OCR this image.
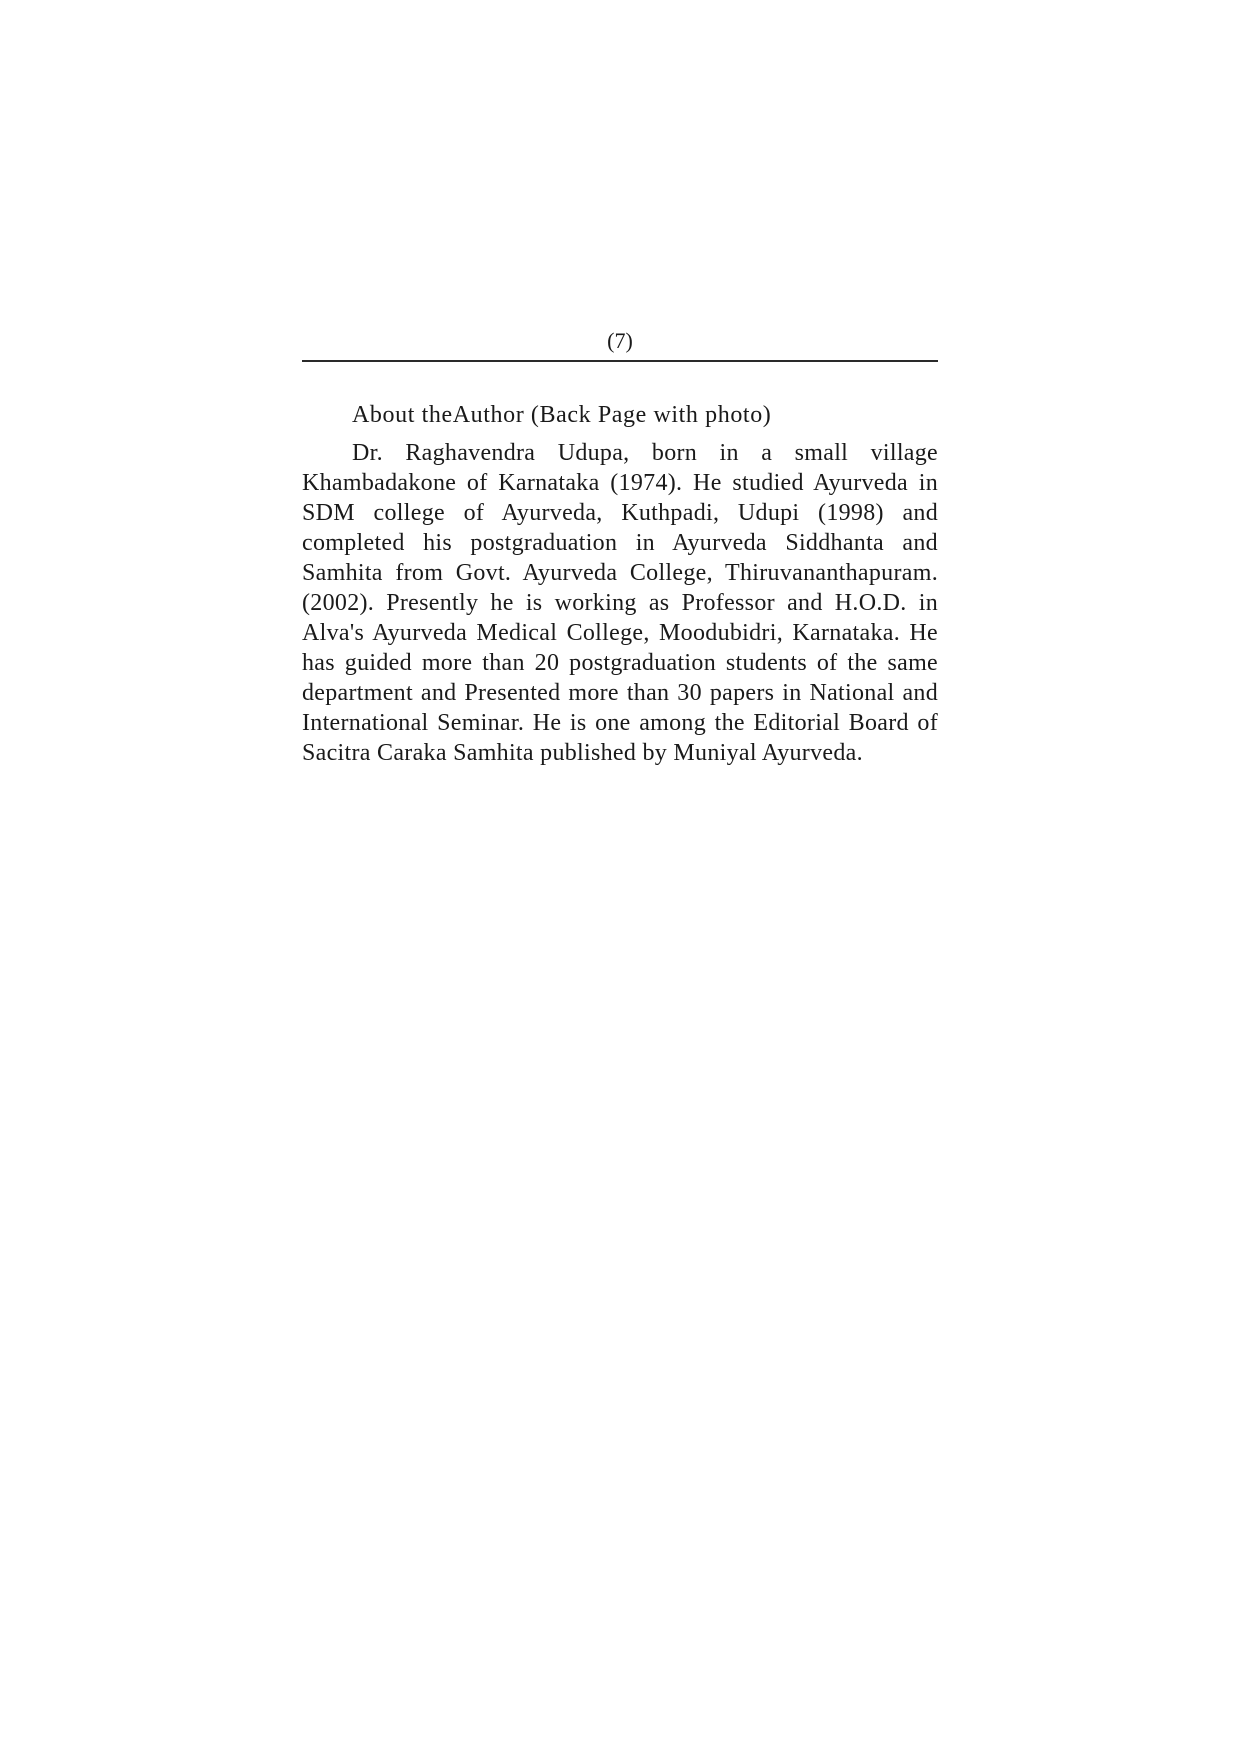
(7)

About theAuthor (Back Page with photo)

Dr. Raghavendra Udupa, born in a small village Khambadakone of Karnataka (1974). He studied Ayurveda in SDM college of Ayurveda, Kuthpadi, Udupi (1998) and completed his postgraduation in Ayurveda Siddhanta and Samhita from Govt. Ayurveda College, Thiruvananthapuram. (2002). Presently he is working as Professor and H.O.D. in Alva's Ayurveda Medical College, Moodubidri, Karnataka. He has guided more than 20 postgraduation students of the same department and Presented more than 30 papers in National and International Seminar. He is one among the Editorial Board of Sacitra Caraka Samhita published by Muniyal Ayurveda.
